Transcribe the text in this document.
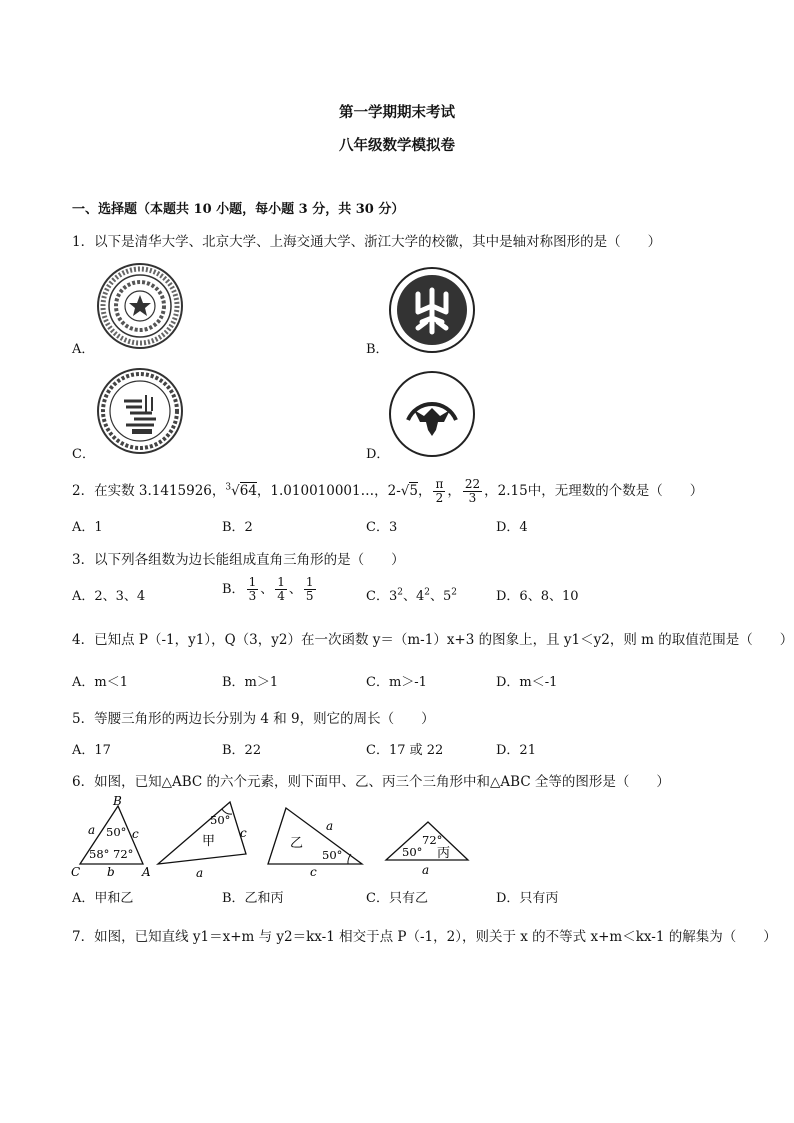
第一学期期末考试
八年级数学模拟卷
一、选择题（本题共 10 小题，每小题 3 分，共 30 分）
1．以下是清华大学、北京大学、上海交通大学、浙江大学的校徽，其中是轴对称图形的是（　　）
A．	B．
C．	D．
2．在实数 3.1415926，$^3$√64，1.010010001…，2-√5， $\frac{\pi}{2}$ ， $\frac{22}{3}$ ，2.15中，无理数的个数是（　　）
A．1	B．2	C．3	D．4
3．以下列各组数为边长能组成直角三角形的是（　　）
A．2、3、4	B． $\frac{1}{3}$ 、 $\frac{1}{4}$ 、 $\frac{1}{5}$	C．$3^2$、$4^2$、$5^2$	D．6、8、10
4．已知点 P（-1，y1），Q（3，y2）在一次函数 y＝（m-1）x+3 的图象上，且 y1＜y2，则 m 的取值范围是（　　）
A．m＜1	B．m＞1	C．m＞-1	D．m＜-1
5．等腰三角形的两边长分别为 4 和 9，则它的周长（　　）
A．17	B．22	C．17 或 22	D．21
6．如图，已知△ABC 的六个元素，则下面甲、乙、丙三个三角形中和△ABC 全等的图形是（　　）
B
C	A
a	c
b
50°
58° 72°
50°
c
a
甲
50°
a
c
乙	72°
50°
a
丙
A．甲和乙	B．乙和丙	C．只有乙	D．只有丙
7．如图，已知直线 y1＝x+m 与 y2＝kx-1 相交于点 P（-1，2），则关于 x 的不等式 x+m＜kx-1 的解集为（　　）
